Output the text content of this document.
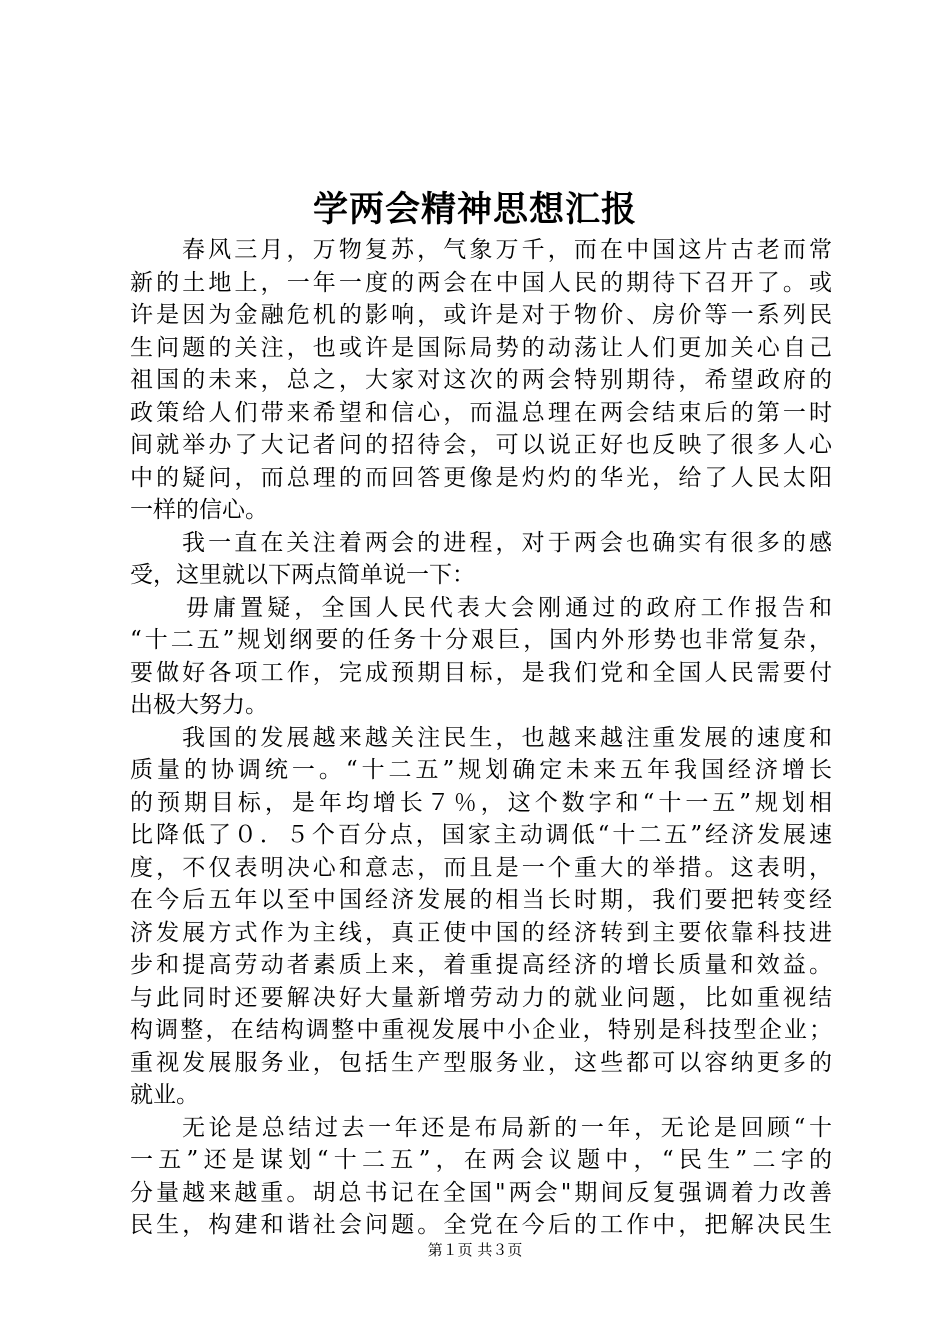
学两会精神思想汇报
春风三月，万物复苏，气象万千，而在中国这片古老而常
新的土地上，一年一度的两会在中国人民的期待下召开了。或
许是因为金融危机的影响，或许是对于物价、房价等一系列民
生问题的关注，也或许是国际局势的动荡让人们更加关心自己
祖国的未来，总之，大家对这次的两会特别期待，希望政府的
政策给人们带来希望和信心，而温总理在两会结束后的第一时
间就举办了大记者问的招待会，可以说正好也反映了很多人心
中的疑问，而总理的而回答更像是灼灼的华光，给了人民太阳
一样的信心。
我一直在关注着两会的进程，对于两会也确实有很多的感
受，这里就以下两点简单说一下：
毋庸置疑，全国人民代表大会刚通过的政府工作报告和
“十二五”规划纲要的任务十分艰巨，国内外形势也非常复杂，
要做好各项工作，完成预期目标，是我们党和全国人民需要付
出极大努力。
我国的发展越来越关注民生，也越来越注重发展的速度和
质量的协调统一。“十二五”规划确定未来五年我国经济增长
的预期目标，是年均增长７％，这个数字和“十一五”规划相
比降低了０．５个百分点，国家主动调低“十二五”经济发展速
度，不仅表明决心和意志，而且是一个重大的举措。这表明，
在今后五年以至中国经济发展的相当长时期，我们要把转变经
济发展方式作为主线，真正使中国的经济转到主要依靠科技进
步和提高劳动者素质上来，着重提高经济的增长质量和效益。
与此同时还要解决好大量新增劳动力的就业问题，比如重视结
构调整，在结构调整中重视发展中小企业，特别是科技型企业；
重视发展服务业，包括生产型服务业，这些都可以容纳更多的
就业。
无论是总结过去一年还是布局新的一年，无论是回顾“十
一五”还是谋划“十二五”，在两会议题中，“民生”二字的
分量越来越重。胡总书记在全国"两会"期间反复强调着力改善
民生，构建和谐社会问题。全党在今后的工作中，把解决民生
第１页 共３页
